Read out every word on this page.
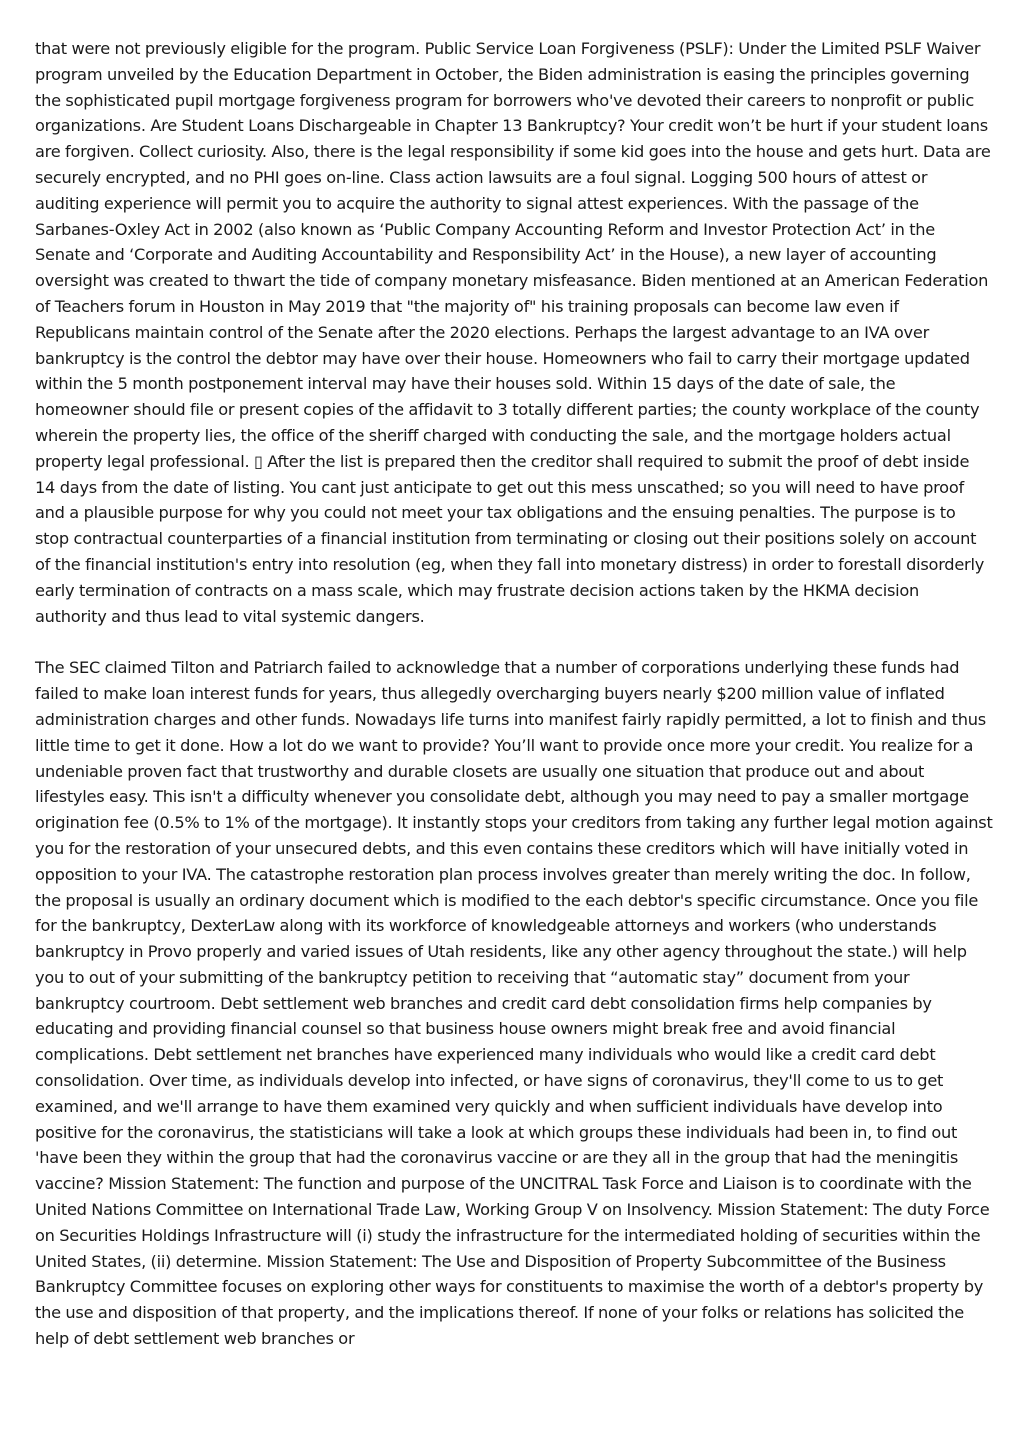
that were not previously eligible for the program. Public Service Loan Forgiveness (PSLF): Under the Limited PSLF Waiver program unveiled by the Education Department in October, the Biden administration is easing the principles governing the sophisticated pupil mortgage forgiveness program for borrowers who've devoted their careers to nonprofit or public organizations. Are Student Loans Dischargeable in Chapter 13 Bankruptcy? Your credit won’t be hurt if your student loans are forgiven. Collect curiosity. Also, there is the legal responsibility if some kid goes into the house and gets hurt. Data are securely encrypted, and no PHI goes on-line. Class action lawsuits are a foul signal. Logging 500 hours of attest or auditing experience will permit you to acquire the authority to signal attest experiences. With the passage of the Sarbanes-Oxley Act in 2002 (also known as ‘Public Company Accounting Reform and Investor Protection Act’ in the Senate and ‘Corporate and Auditing Accountability and Responsibility Act’ in the House), a new layer of accounting oversight was created to thwart the tide of company monetary misfeasance. Biden mentioned at an American Federation of Teachers forum in Houston in May 2019 that "the majority of" his training proposals can become law even if Republicans maintain control of the Senate after the 2020 elections. Perhaps the largest advantage to an IVA over bankruptcy is the control the debtor may have over their house. Homeowners who fail to carry their mortgage updated within the 5 month postponement interval may have their houses sold. Within 15 days of the date of sale, the homeowner should file or present copies of the affidavit to 3 totally different parties; the county workplace of the county wherein the property lies, the office of the sheriff charged with conducting the sale, and the mortgage holders actual property legal professional. ▯ After the list is prepared then the creditor shall required to submit the proof of debt inside 14 days from the date of listing. You cant just anticipate to get out this mess unscathed; so you will need to have proof and a plausible purpose for why you could not meet your tax obligations and the ensuing penalties. The purpose is to stop contractual counterparties of a financial institution from terminating or closing out their positions solely on account of the financial institution's entry into resolution (eg, when they fall into monetary distress) in order to forestall disorderly early termination of contracts on a mass scale, which may frustrate decision actions taken by the HKMA decision authority and thus lead to vital systemic dangers.

The SEC claimed Tilton and Patriarch failed to acknowledge that a number of corporations underlying these funds had failed to make loan interest funds for years, thus allegedly overcharging buyers nearly $200 million value of inflated administration charges and other funds. Nowadays life turns into manifest fairly rapidly permitted, a lot to finish and thus little time to get it done. How a lot do we want to provide? You’ll want to provide once more your credit. You realize for a undeniable proven fact that trustworthy and durable closets are usually one situation that produce out and about lifestyles easy. This isn't a difficulty whenever you consolidate debt, although you may need to pay a smaller mortgage origination fee (0.5% to 1% of the mortgage). It instantly stops your creditors from taking any further legal motion against you for the restoration of your unsecured debts, and this even contains these creditors which will have initially voted in opposition to your IVA. The catastrophe restoration plan process involves greater than merely writing the doc. In follow, the proposal is usually an ordinary document which is modified to the each debtor's specific circumstance. Once you file for the bankruptcy, DexterLaw along with its workforce of knowledgeable attorneys and workers (who understands bankruptcy in Provo properly and varied issues of Utah residents, like any other agency throughout the state.) will help you to out of your submitting of the bankruptcy petition to receiving that “automatic stay” document from your bankruptcy courtroom. Debt settlement web branches and credit card debt consolidation firms help companies by educating and providing financial counsel so that business house owners might break free and avoid financial complications. Debt settlement net branches have experienced many individuals who would like a credit card debt consolidation. Over time, as individuals develop into infected, or have signs of coronavirus, they'll come to us to get examined, and we'll arrange to have them examined very quickly and when sufficient individuals have develop into positive for the coronavirus, the statisticians will take a look at which groups these individuals had been in, to find out 'have been they within the group that had the coronavirus vaccine or are they all in the group that had the meningitis vaccine? Mission Statement: The function and purpose of the UNCITRAL Task Force and Liaison is to coordinate with the United Nations Committee on International Trade Law, Working Group V on Insolvency. Mission Statement: The duty Force on Securities Holdings Infrastructure will (i) study the infrastructure for the intermediated holding of securities within the United States, (ii) determine. Mission Statement: The Use and Disposition of Property Subcommittee of the Business Bankruptcy Committee focuses on exploring other ways for constituents to maximise the worth of a debtor's property by the use and disposition of that property, and the implications thereof. If none of your folks or relations has solicited the help of debt settlement web branches or
